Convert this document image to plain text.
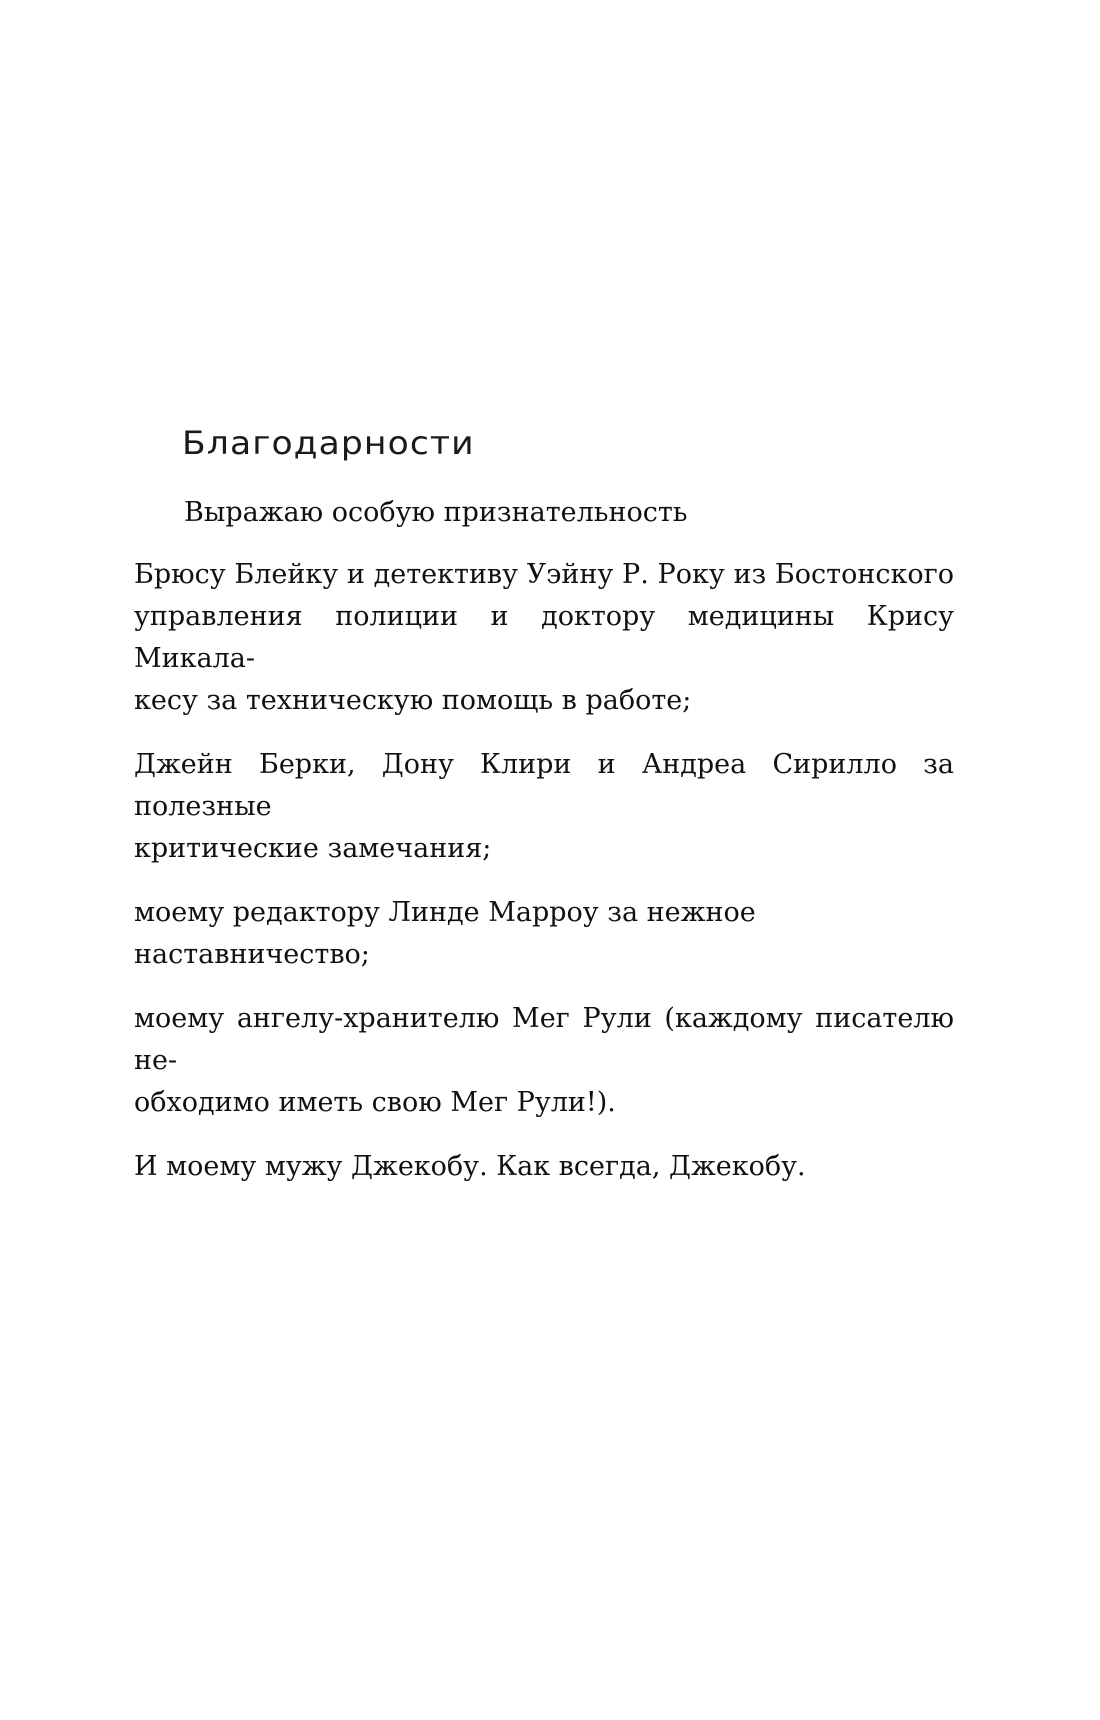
Благодарности

Выражаю особую признательность

Брюсу Блейку и детективу Уэйну Р. Року из Бостонского
управления полиции и доктору медицины Крису Микала-
кесу за техническую помощь в работе;

Джейн Берки, Дону Клири и Андреа Сирилло за полезные
критические замечания;

моему редактору Линде Марроу за нежное наставничество;

моему ангелу-хранителю Мег Рули (каждому писателю не-
обходимо иметь свою Мег Рули!).

И моему мужу Джекобу. Как всегда, Джекобу.
